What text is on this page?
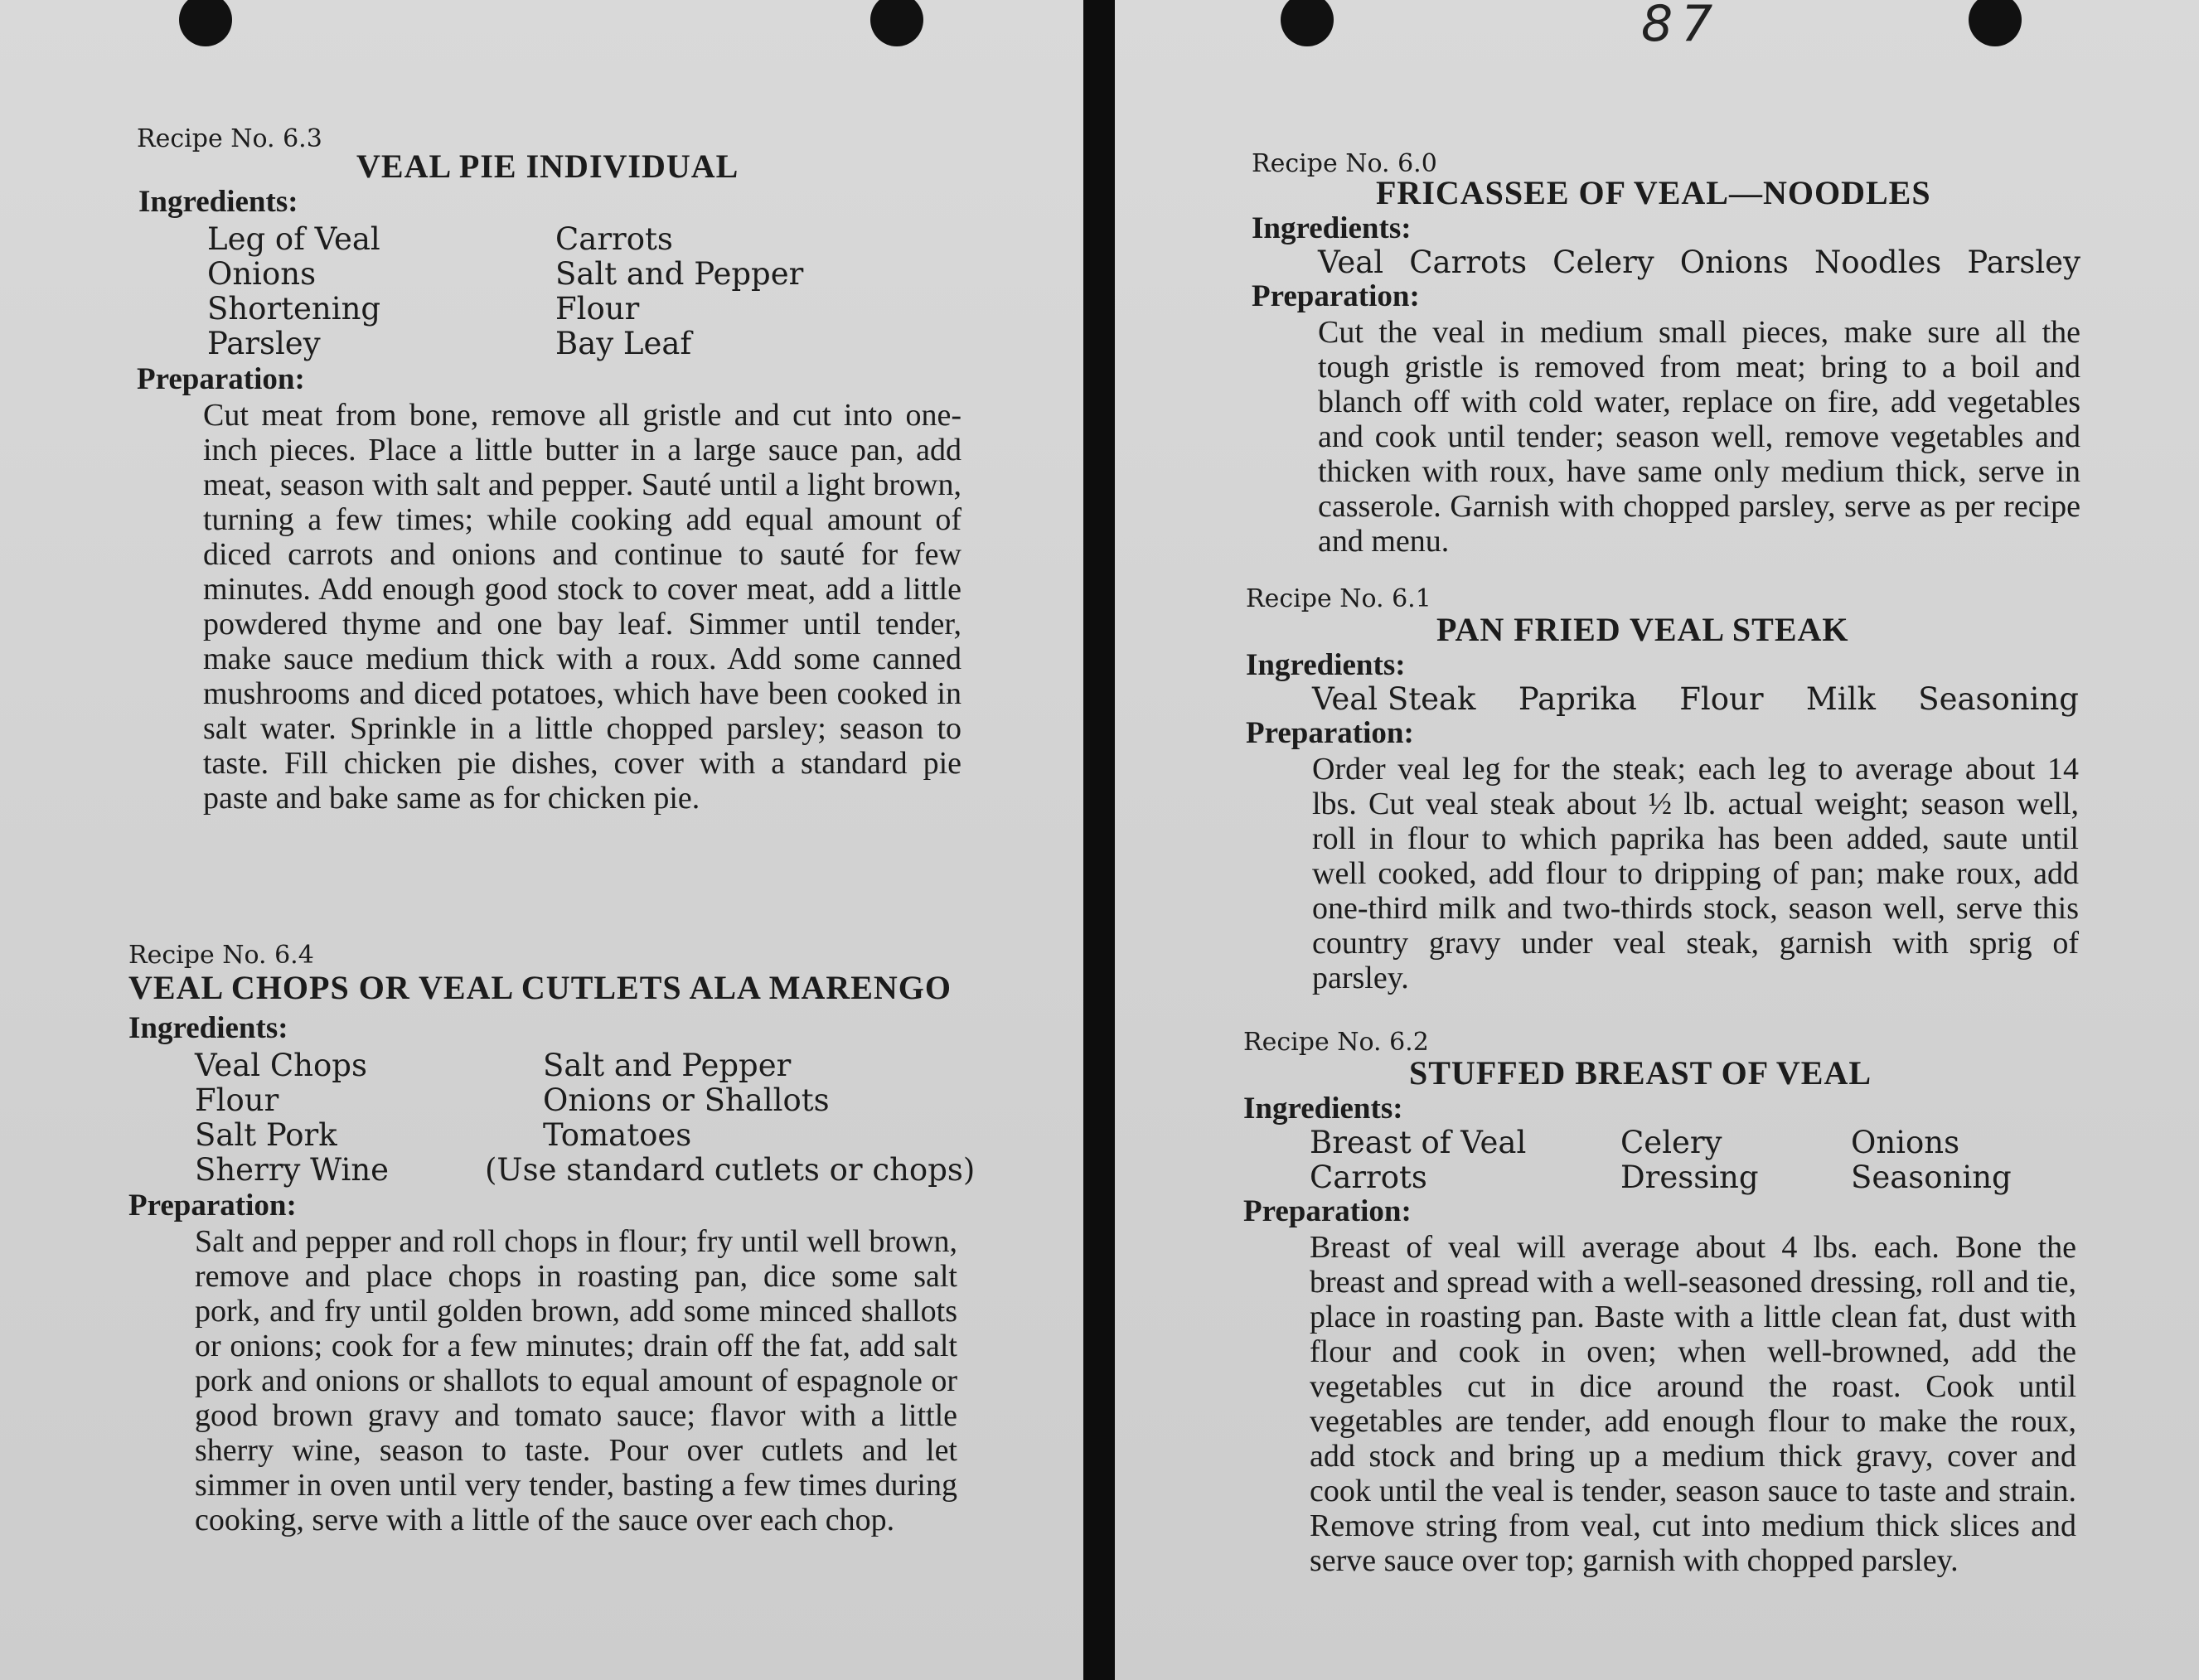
Recipe No. 6.3
VEAL PIE INDIVIDUAL
Ingredients:
Leg of Veal	Carrots
Onions	Salt and Pepper
Shortening	Flour
Parsley	Bay Leaf
Preparation:
Cut meat from bone, remove all gristle and cut into one-inch pieces. Place a little butter in a large sauce pan, add meat, season with salt and pepper. Sauté until a light brown, turning a few times; while cooking add equal amount of diced carrots and onions and continue to sauté for few minutes. Add enough good stock to cover meat, add a little powdered thyme and one bay leaf. Simmer until tender, make sauce medium thick with a roux. Add some canned mushrooms and diced potatoes, which have been cooked in salt water. Sprinkle in a little chopped parsley; season to taste. Fill chicken pie dishes, cover with a standard pie paste and bake same as for chicken pie.
Recipe No. 6.4
VEAL CHOPS OR VEAL CUTLETS ALA MARENGO
Ingredients:
Veal Chops	Salt and Pepper
Flour	Onions or Shallots
Salt Pork	Tomatoes
Sherry Wine	(Use standard cutlets or chops)
Preparation:
Salt and pepper and roll chops in flour; fry until well brown, remove and place chops in roasting pan, dice some salt pork, and fry until golden brown, add some minced shallots or onions; cook for a few minutes; drain off the fat, add salt pork and onions or shallots to equal amount of espagnole or good brown gravy and tomato sauce; flavor with a little sherry wine, season to taste. Pour over cutlets and let simmer in oven until very tender, basting a few times during cooking, serve with a little of the sauce over each chop.
87
Recipe No. 6.0
FRICASSEE OF VEAL—NOODLES
Ingredients:
Veal Carrots Celery Onions Noodles Parsley
Preparation:
Cut the veal in medium small pieces, make sure all the tough gristle is removed from meat; bring to a boil and blanch off with cold water, replace on fire, add vegetables and cook until tender; season well, remove vegetables and thicken with roux, have same only medium thick, serve in casserole. Garnish with chopped parsley, serve as per recipe and menu.
Recipe No. 6.1
PAN FRIED VEAL STEAK
Ingredients:
Veal Steak Paprika Flour Milk Seasoning
Preparation:
Order veal leg for the steak; each leg to average about 14 lbs. Cut veal steak about ½ lb. actual weight; season well, roll in flour to which paprika has been added, saute until well cooked, add flour to dripping of pan; make roux, add one-third milk and two-thirds stock, season well, serve this country gravy under veal steak, garnish with sprig of parsley.
Recipe No. 6.2
STUFFED BREAST OF VEAL
Ingredients:
Breast of Veal	Celery	Onions
Carrots	Dressing	Seasoning
Preparation:
Breast of veal will average about 4 lbs. each. Bone the breast and spread with a well-seasoned dressing, roll and tie, place in roasting pan. Baste with a little clean fat, dust with flour and cook in oven; when well-browned, add the vegetables cut in dice around the roast. Cook until vegetables are tender, add enough flour to make the roux, add stock and bring up a medium thick gravy, cover and cook until the veal is tender, season sauce to taste and strain. Remove string from veal, cut into medium thick slices and serve sauce over top; garnish with chopped parsley.
